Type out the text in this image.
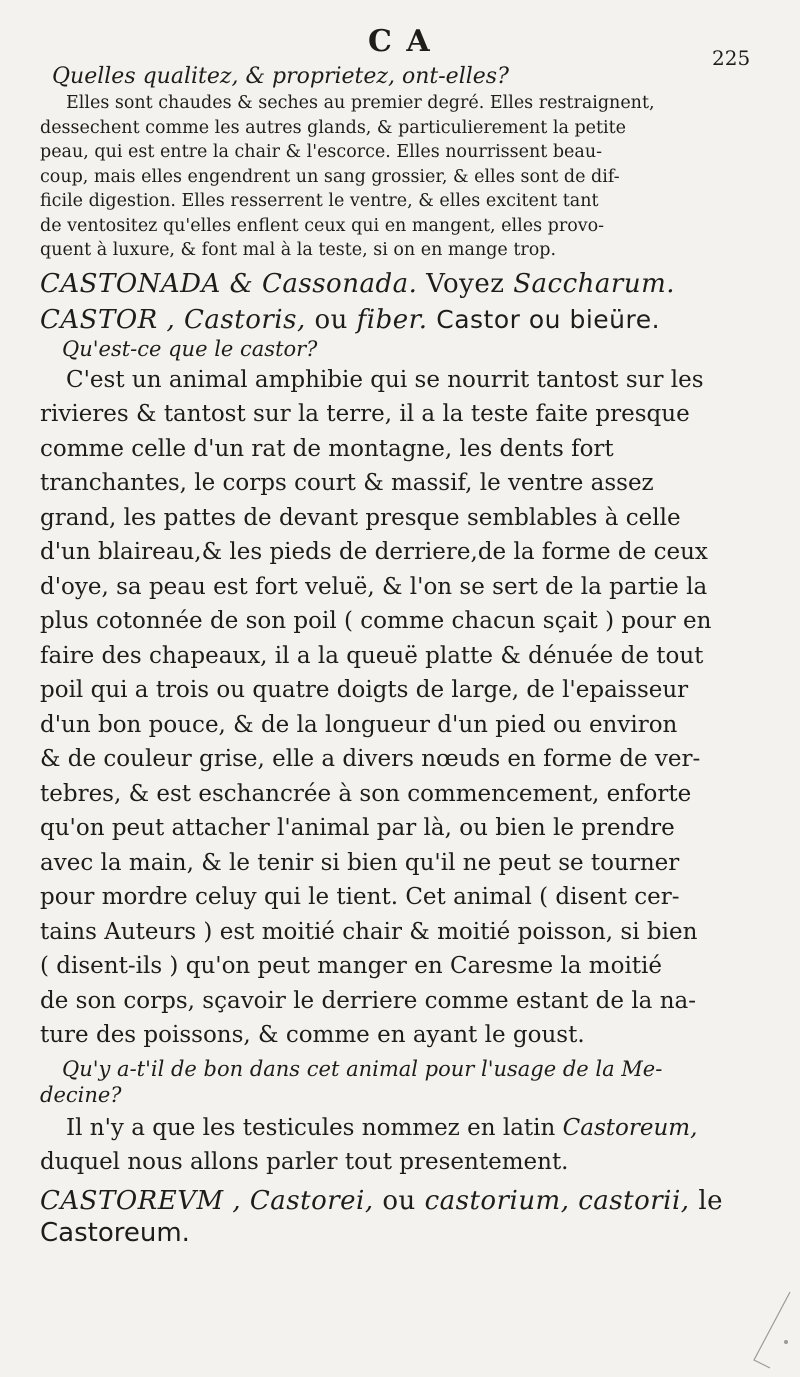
C A	225

Quelles qualitez, & proprietez, ont-elles?

Elles sont chaudes & seches au premier degré. Elles restraignent,

dessechent comme les autres glands, & particulierement la petite

peau, qui est entre la chair & l'escorce. Elles nourrissent beau-

coup, mais elles engendrent un sang grossier, & elles sont de dif-

ficile digestion. Elles resserrent le ventre, & elles excitent tant

de ventositez qu'elles enflent ceux qui en mangent, elles provo-

quent à luxure, & font mal à la teste, si on en mange trop.

CASTONADA & Cassonada. Voyez Saccharum.

CASTOR , Castoris, ou fiber. Castor ou bieüre.

Qu'est-ce que le castor?

C'est un animal amphibie qui se nourrit tantost sur les

rivieres & tantost sur la terre, il a la teste faite presque

comme celle d'un rat de montagne, les dents fort

tranchantes, le corps court & massif, le ventre assez

grand, les pattes de devant presque semblables à celle

d'un blaireau,& les pieds de derriere,de la forme de ceux

d'oye, sa peau est fort veluë, & l'on se sert de la partie la

plus cotonnée de son poil ( comme chacun sçait ) pour en

faire des chapeaux, il a la queuë platte & dénuée de tout

poil qui a trois ou quatre doigts de large, de l'epaisseur

d'un bon pouce, & de la longueur d'un pied ou environ

& de couleur grise, elle a divers nœuds en forme de ver-

tebres, & est eschancrée à son commencement, enforte

qu'on peut attacher l'animal par là, ou bien le prendre

avec la main, & le tenir si bien qu'il ne peut se tourner

pour mordre celuy qui le tient. Cet animal ( disent cer-

tains Auteurs ) est moitié chair & moitié poisson, si bien

( disent-ils ) qu'on peut manger en Caresme la moitié

de son corps, sçavoir le derriere comme estant de la na-

ture des poissons, & comme en ayant le goust.

Qu'y a-t'il de bon dans cet animal pour l'usage de la Me-

decine?

Il n'y a que les testicules nommez en latin Castoreum,

duquel nous allons parler tout presentement.

CASTOREVM , Castorei, ou castorium, castorii, le

Castoreum.
